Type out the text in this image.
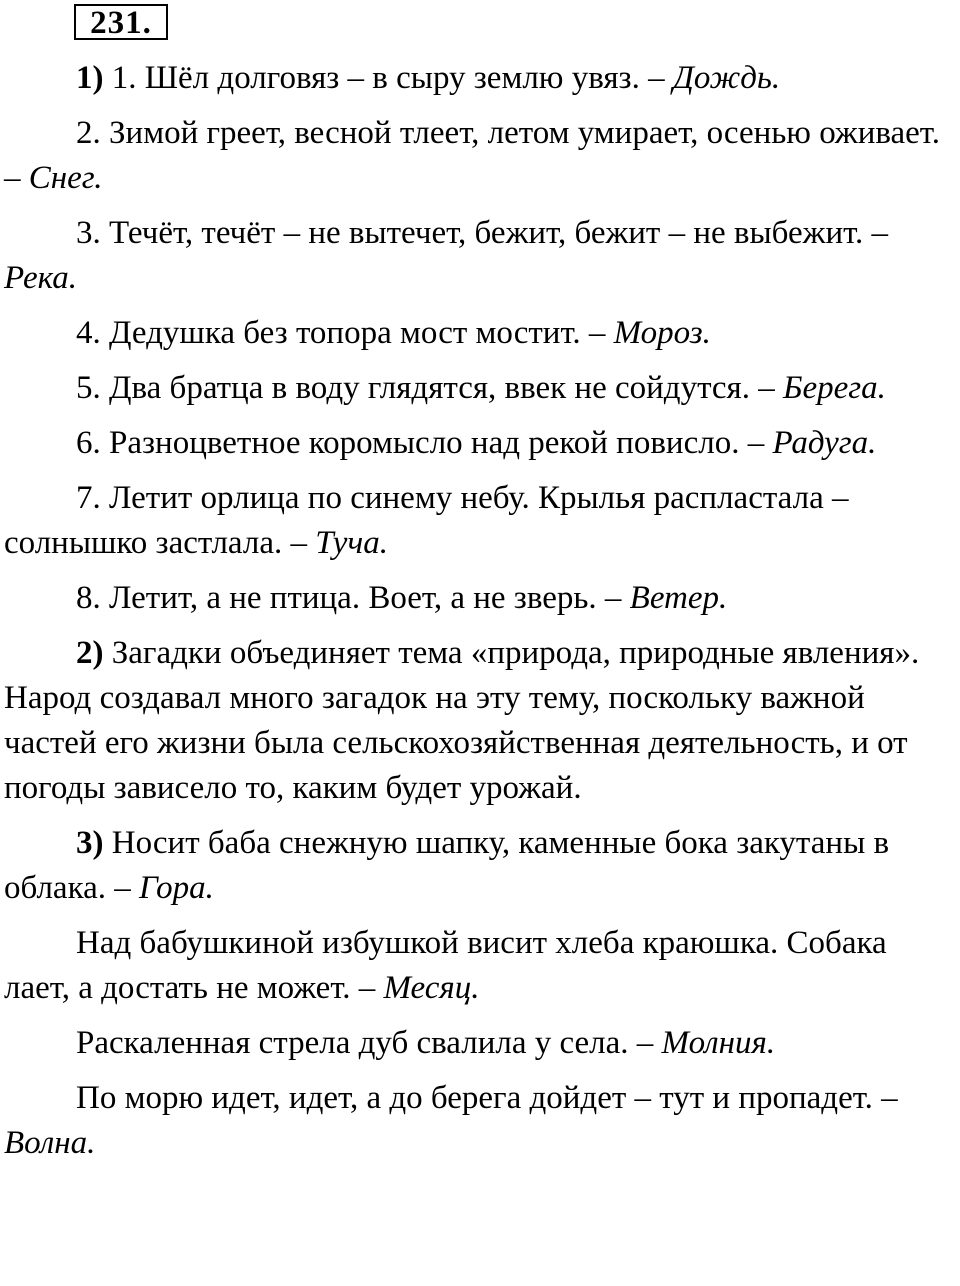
231.

1) 1. Шёл долговяз – в сыру землю увяз. – Дождь.

2. Зимой греет, весной тлеет, летом умирает, осенью оживает. – Снег.

3. Течёт, течёт – не вытечет, бежит, бежит – не выбежит. – Река.

4. Дедушка без топора мост мостит. – Мороз.

5. Два братца в воду глядятся, ввек не сойдутся. – Берега.

6. Разноцветное коромысло над рекой повисло. – Радуга.

7. Летит орлица по синему небу. Крылья распластала – солнышко застлала. – Туча.

8. Летит, а не птица. Воет, а не зверь. – Ветер.

2) Загадки объединяет тема «природа, природные явления». Народ создавал много загадок на эту тему, поскольку важной частей его жизни была сельскохозяйственная деятельность, и от погоды зависело то, каким будет урожай.

3) Носит баба снежную шапку, каменные бока закутаны в облака. – Гора.

Над бабушкиной избушкой висит хлеба краюшка. Собака лает, а достать не может. – Месяц.

Раскаленная стрела дуб свалила у села. – Молния.

По морю идет, идет, а до берега дойдет – тут и пропадет. – Волна.
